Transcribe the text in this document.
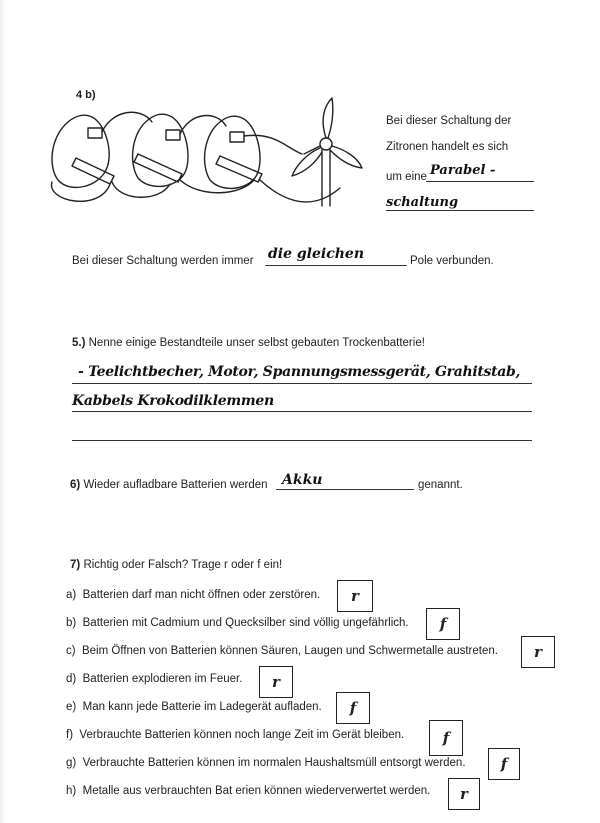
4 b)
Bei dieser Schaltung der
Zitronen handelt es sich
um eine Parabel -
schaltung
Bei dieser Schaltung werden immer die gleichen	Pole verbunden.
5.) Nenne einige Bestandteile unser selbst gebauten Trockenbatterie!
- Teelichtbecher, Motor, Spannungsmessgerät, Grahitstab,
Kabbels Krokodilklemmen
6) Wieder aufladbare Batterien werden Akku	genannt.
7) Richtig oder Falsch? Trage r oder f ein!
a) Batterien darf man nicht öffnen oder zerstören.	r
b) Batterien mit Cadmium und Quecksilber sind völlig ungefährlich.	f
c) Beim Öffnen von Batterien können Säuren, Laugen und Schwermetalle austreten.	r
d) Batterien explodieren im Feuer.	r
e) Man kann jede Batterie im Ladegerät aufladen.	f
f) Verbrauchte Batterien können noch lange Zeit im Gerät bleiben.	f
g) Verbrauchte Batterien können im normalen Haushaltsmüll entsorgt werden.	f
h) Metalle aus verbrauchten Bat erien können wiederverwertet werden.	r
